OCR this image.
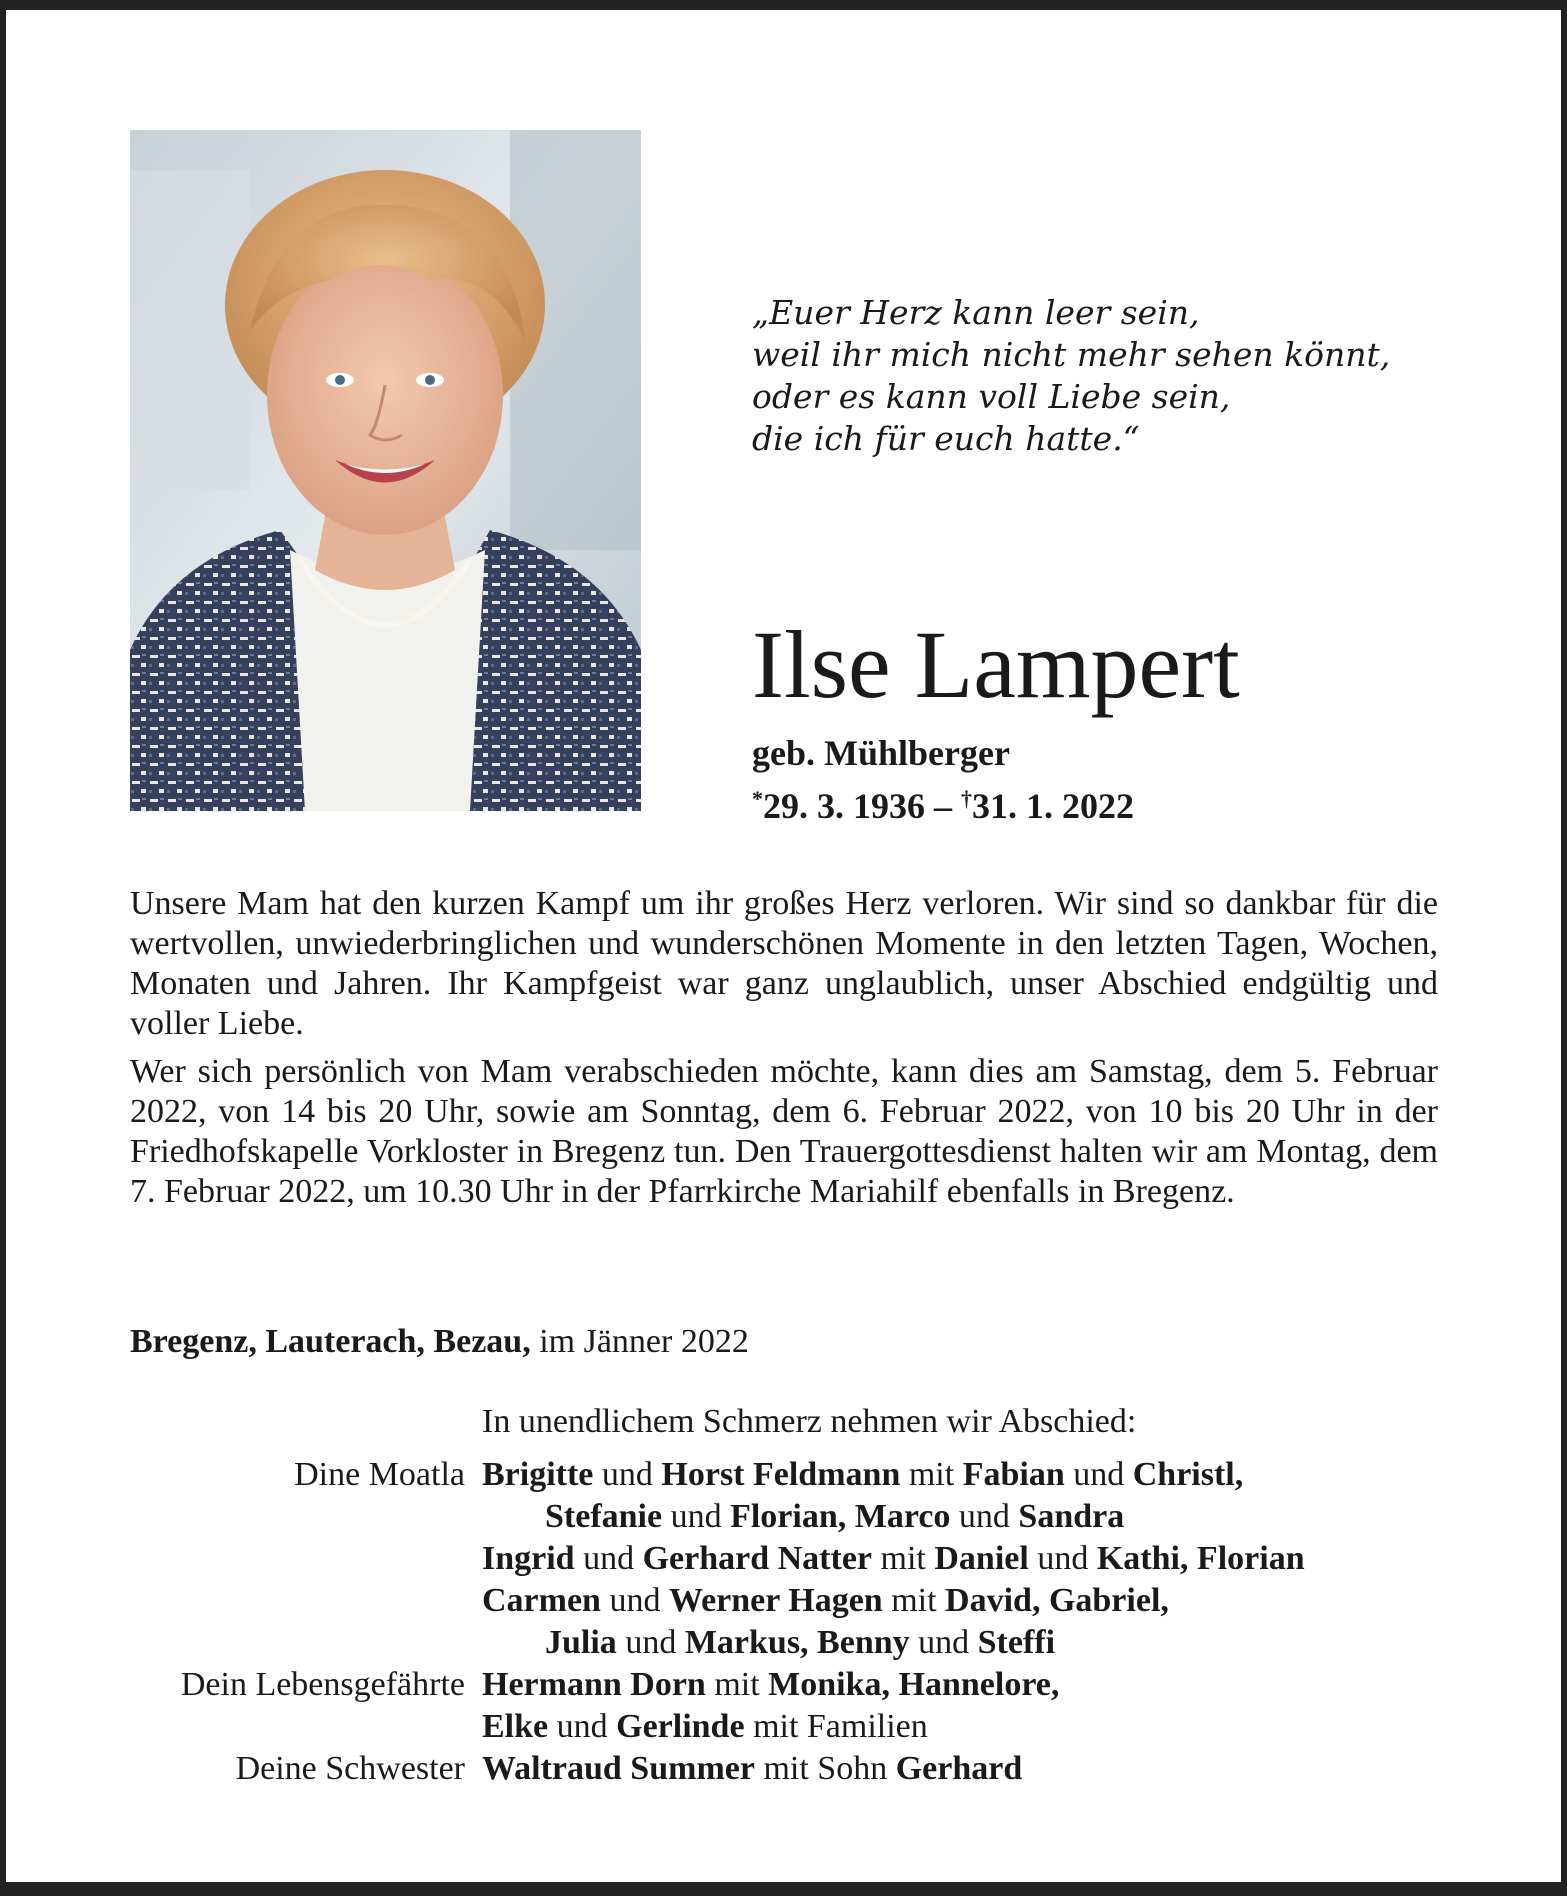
„Euer Herz kann leer sein,
weil ihr mich nicht mehr sehen könnt,
oder es kann voll Liebe sein,
die ich für euch hatte.“
Ilse Lampert
geb. Mühlberger
*29. 3. 1936 – †31. 1. 2022

Unsere Mam hat den kurzen Kampf um ihr großes Herz verloren. Wir sind so dankbar für die wertvollen, unwiederbringlichen und wunderschönen Momente in den letzten Tagen, Wochen, Monaten und Jahren. Ihr Kampfgeist war ganz unglaublich, unser Abschied endgültig und voller Liebe.

Wer sich persönlich von Mam verabschieden möchte, kann dies am Samstag, dem 5. Februar 2022, von 14 bis 20 Uhr, sowie am Sonntag, dem 6. Februar 2022, von 10 bis 20 Uhr in der Friedhofskapelle Vorkloster in Bregenz tun. Den Trauergottesdienst halten wir am Montag, dem 7. Februar 2022, um 10.30 Uhr in der Pfarrkirche Mariahilf ebenfalls in Bregenz.

Bregenz, Lauterach, Bezau, im Jänner 2022
In unendlichem Schmerz nehmen wir Abschied:
Dine Moatla Brigitte und Horst Feldmann mit Fabian und Christl,
Stefanie und Florian, Marco und Sandra
Ingrid und Gerhard Natter mit Daniel und Kathi, Florian
Carmen und Werner Hagen mit David, Gabriel,
Julia und Markus, Benny und Steffi
Dein Lebensgefährte Hermann Dorn mit Monika, Hannelore,
Elke und Gerlinde mit Familien
Deine Schwester Waltraud Summer mit Sohn Gerhard
